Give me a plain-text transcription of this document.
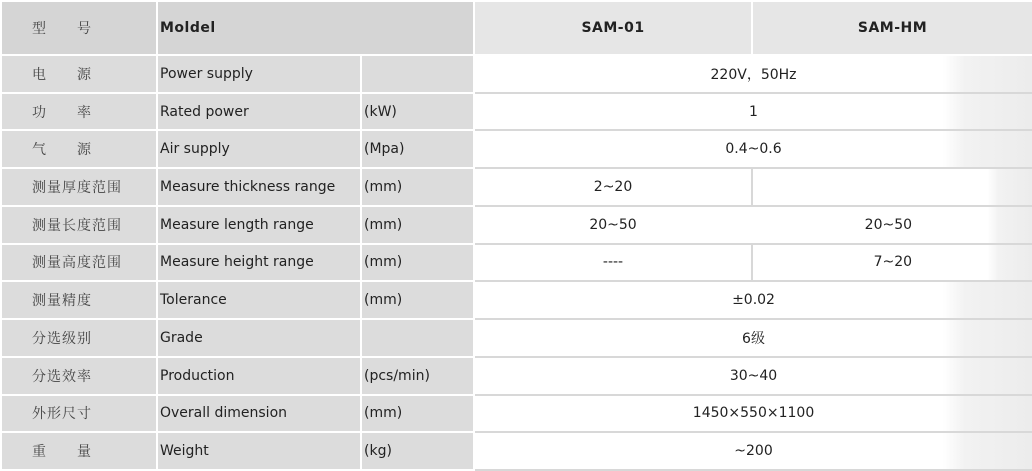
型　　号	Moldel		SAM-01	SAM-HM
电　　源	Power supply		220V，50Hz	
功　　率	Rated power	(kW)	1	
气　　源	Air supply	(Mpa)	0.4~0.6	
测量厚度范围	Measure thickness range	(mm)	2~20	
测量长度范围	Measure length range	(mm)	20~50	20~50
测量高度范围	Measure height range	(mm)	----	7~20
测量精度	Tolerance	(mm)	±0.02	
分选级别	Grade		6级	
分选效率	Production	(pcs/min)	30~40	
外形尺寸	Overall dimension	(mm)	1450×550×1100	
重　　量	Weight	(kg)	~200	
